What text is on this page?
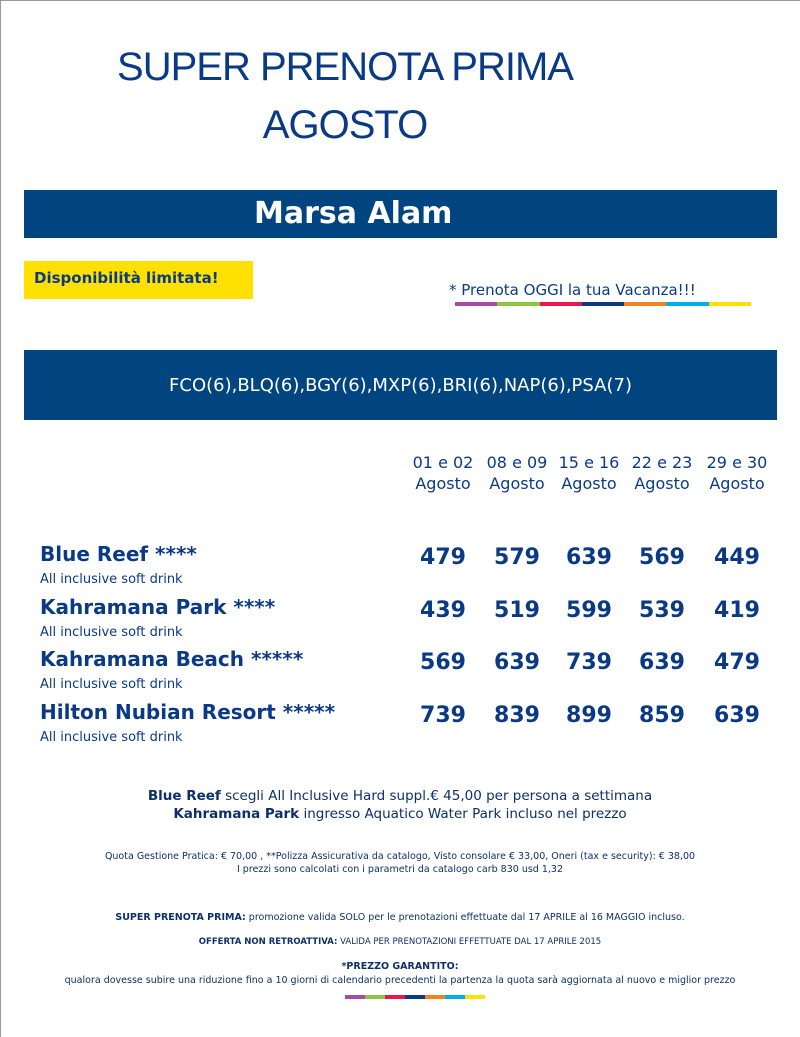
SUPER PRENOTA PRIMA
AGOSTO
Marsa Alam
Disponibilità limitata!
* Prenota OGGI la tua Vacanza!!!
FCO(6),BLQ(6),BGY(6),MXP(6),BRI(6),NAP(6),PSA(7)
01 e 02
Agosto
08 e 09
Agosto
15 e 16
Agosto
22 e 23
Agosto
29 e 30
Agosto
Blue Reef ****
All inclusive soft drink
479	579	639	569	449
Kahramana Park ****
All inclusive soft drink
439	519	599	539	419
Kahramana Beach *****
All inclusive soft drink
569	639	739	639	479
Hilton Nubian Resort *****
All inclusive soft drink
739	839	899	859	639
Blue Reef scegli All Inclusive Hard suppl.€ 45,00 per persona a settimana
Kahramana Park ingresso Aquatico Water Park incluso nel prezzo
Quota Gestione Pratica: € 70,00 , **Polizza Assicurativa da catalogo, Visto consolare € 33,00, Oneri (tax e security): € 38,00
I prezzi sono calcolati con i parametri da catalogo carb 830 usd 1,32
SUPER PRENOTA PRIMA: promozione valida SOLO per le prenotazioni effettuate dal 17 APRILE al 16 MAGGIO incluso.
OFFERTA NON RETROATTIVA: VALIDA PER PRENOTAZIONI EFFETTUATE DAL 17 APRILE 2015
*PREZZO GARANTITO:
qualora dovesse subire una riduzione fino a 10 giorni di calendario precedenti la partenza la quota sarà aggiornata al nuovo e miglior prezzo
